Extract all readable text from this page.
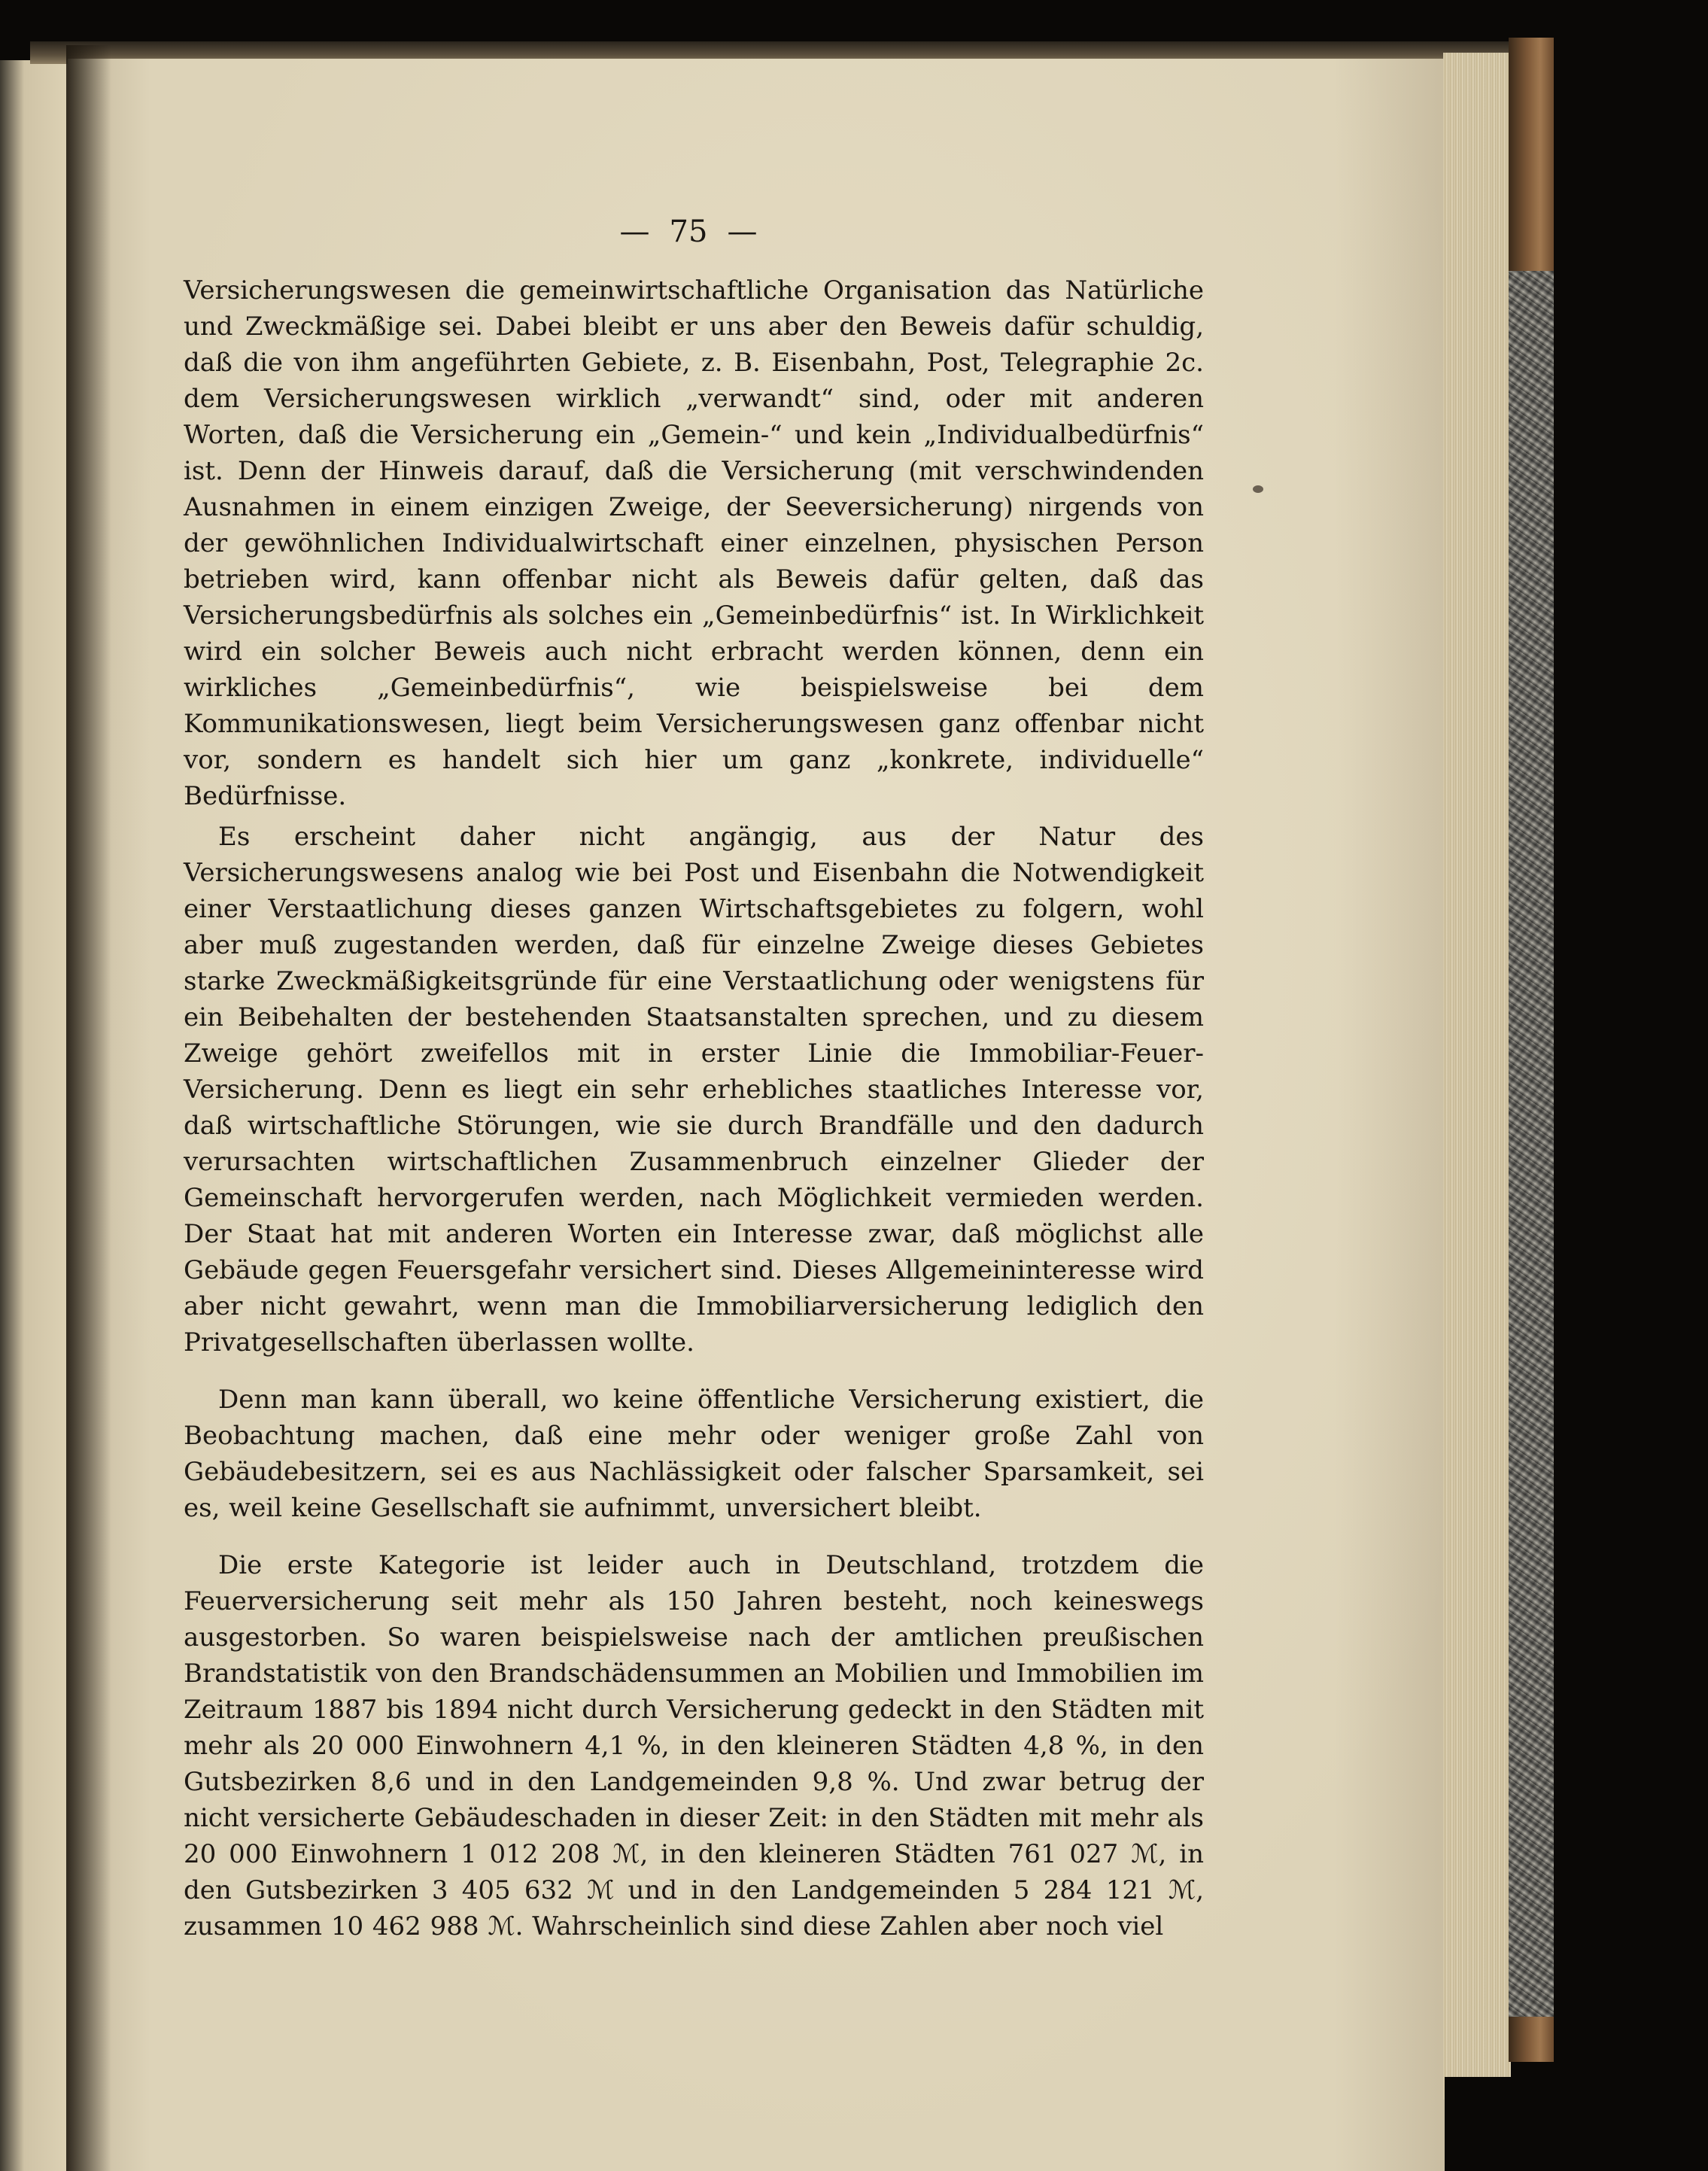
— 75 —

Versicherungswesen die gemeinwirtschaftliche Organisation das Natürliche und Zweckmäßige sei. Dabei bleibt er uns aber den Beweis dafür schuldig, daß die von ihm angeführten Gebiete, z. B. Eisenbahn, Post, Telegraphie 2c. dem Versicherungswesen wirklich „verwandt“ sind, oder mit anderen Worten, daß die Versicherung ein „Gemein-“ und kein „Individualbedürfnis“ ist. Denn der Hinweis darauf, daß die Versicherung (mit verschwindenden Ausnahmen in einem einzigen Zweige, der Seeversicherung) nirgends von der gewöhnlichen Individualwirtschaft einer einzelnen, physischen Person betrieben wird, kann offenbar nicht als Beweis dafür gelten, daß das Versicherungsbedürfnis als solches ein „Gemeinbedürfnis“ ist. In Wirklichkeit wird ein solcher Beweis auch nicht erbracht werden können, denn ein wirkliches „Gemeinbedürfnis“, wie beispielsweise bei dem Kommunikationswesen, liegt beim Versicherungswesen ganz offenbar nicht vor, sondern es handelt sich hier um ganz „konkrete, individuelle“ Bedürfnisse.

Es erscheint daher nicht angängig, aus der Natur des Versicherungswesens analog wie bei Post und Eisenbahn die Notwendigkeit einer Verstaatlichung dieses ganzen Wirtschaftsgebietes zu folgern, wohl aber muß zugestanden werden, daß für einzelne Zweige dieses Gebietes starke Zweckmäßigkeitsgründe für eine Verstaatlichung oder wenigstens für ein Beibehalten der bestehenden Staatsanstalten sprechen, und zu diesem Zweige gehört zweifellos mit in erster Linie die Immobiliar-Feuer-Versicherung. Denn es liegt ein sehr erhebliches staatliches Interesse vor, daß wirtschaftliche Störungen, wie sie durch Brandfälle und den dadurch verursachten wirtschaftlichen Zusammenbruch einzelner Glieder der Gemeinschaft hervorgerufen werden, nach Möglichkeit vermieden werden. Der Staat hat mit anderen Worten ein Interesse zwar, daß möglichst alle Gebäude gegen Feuersgefahr versichert sind. Dieses Allgemeininteresse wird aber nicht gewahrt, wenn man die Immobiliarversicherung lediglich den Privatgesellschaften überlassen wollte.

Denn man kann überall, wo keine öffentliche Versicherung existiert, die Beobachtung machen, daß eine mehr oder weniger große Zahl von Gebäudebesitzern, sei es aus Nachlässigkeit oder falscher Sparsamkeit, sei es, weil keine Gesellschaft sie aufnimmt, unversichert bleibt.

Die erste Kategorie ist leider auch in Deutschland, trotzdem die Feuerversicherung seit mehr als 150 Jahren besteht, noch keineswegs ausgestorben. So waren beispielsweise nach der amtlichen preußischen Brandstatistik von den Brandschädensummen an Mobilien und Immobilien im Zeitraum 1887 bis 1894 nicht durch Versicherung gedeckt in den Städten mit mehr als 20 000 Einwohnern 4,1 %, in den kleineren Städten 4,8 %, in den Gutsbezirken 8,6 und in den Landgemeinden 9,8 %. Und zwar betrug der nicht versicherte Gebäudeschaden in dieser Zeit: in den Städten mit mehr als 20 000 Einwohnern 1 012 208 ℳ, in den kleineren Städten 761 027 ℳ, in den Gutsbezirken 3 405 632 ℳ und in den Landgemeinden 5 284 121 ℳ, zusammen 10 462 988 ℳ. Wahrscheinlich sind diese Zahlen aber noch viel
